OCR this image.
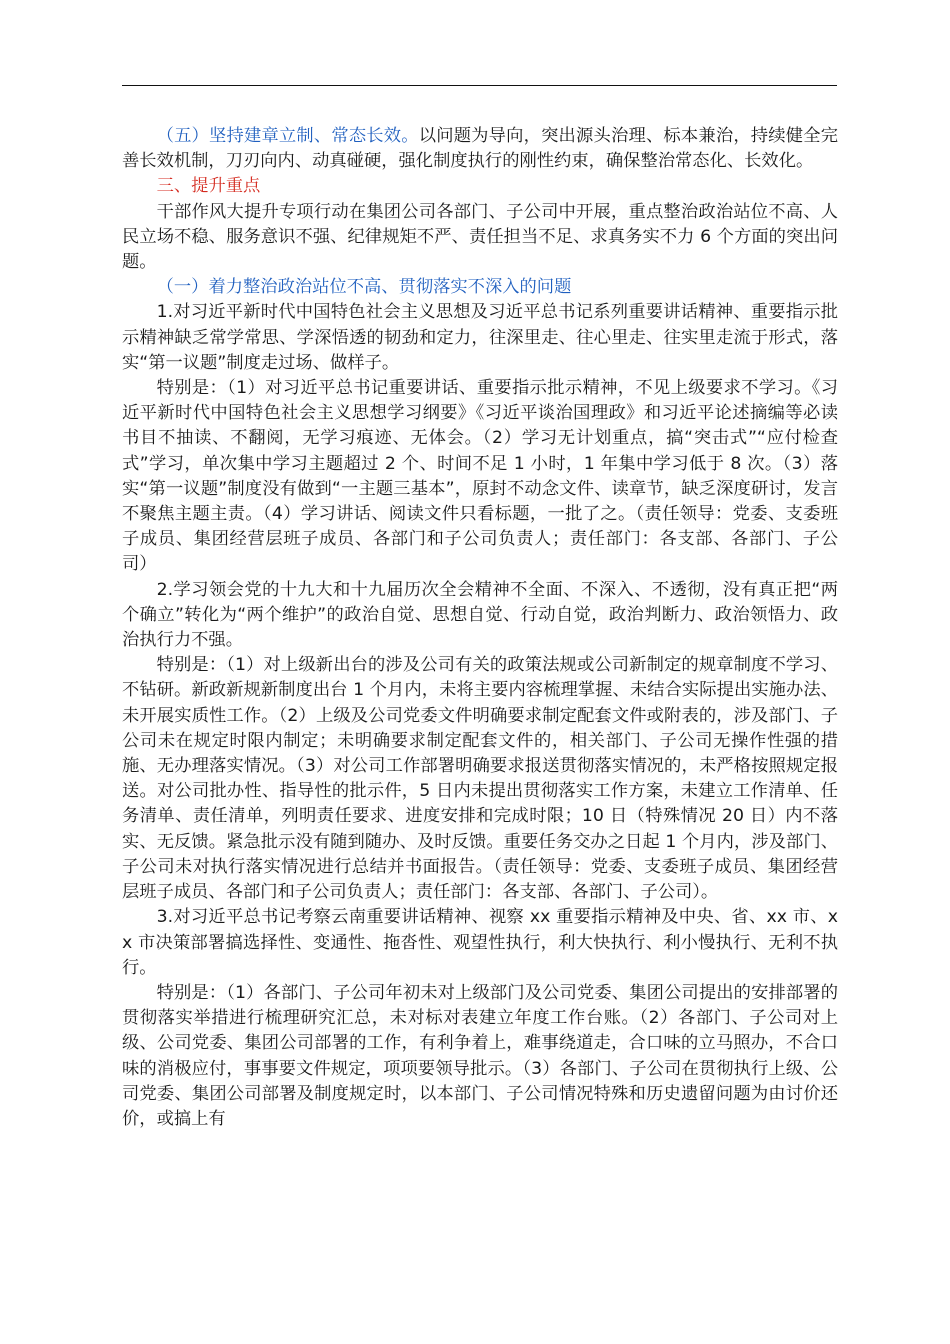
（五）坚持建章立制、常态长效。以问题为导向，突出源头治理、标本兼治，持续健全完善长效机制，刀刃向内、动真碰硬，强化制度执行的刚性约束，确保整治常态化、长效化。

三、提升重点

干部作风大提升专项行动在集团公司各部门、子公司中开展，重点整治政治站位不高、人民立场不稳、服务意识不强、纪律规矩不严、责任担当不足、求真务实不力 6 个方面的突出问题。

（一）着力整治政治站位不高、贯彻落实不深入的问题

1.对习近平新时代中国特色社会主义思想及习近平总书记系列重要讲话精神、重要指示批示精神缺乏常学常思、学深悟透的韧劲和定力，往深里走、往心里走、往实里走流于形式，落实“第一议题”制度走过场、做样子。

特别是：（1）对习近平总书记重要讲话、重要指示批示精神，不见上级要求不学习。《习近平新时代中国特色社会主义思想学习纲要》《习近平谈治国理政》和习近平论述摘编等必读书目不抽读、不翻阅，无学习痕迹、无体会。（2）学习无计划重点，搞“突击式”“应付检查式”学习，单次集中学习主题超过 2 个、时间不足 1 小时，1 年集中学习低于 8 次。（3）落实“第一议题”制度没有做到“一主题三基本”，原封不动念文件、读章节，缺乏深度研讨，发言不聚焦主题主责。（4）学习讲话、阅读文件只看标题，一批了之。（责任领导：党委、支委班子成员、集团经营层班子成员、各部门和子公司负责人；责任部门：各支部、各部门、子公司）

2.学习领会党的十九大和十九届历次全会精神不全面、不深入、不透彻，没有真正把“两个确立”转化为“两个维护”的政治自觉、思想自觉、行动自觉，政治判断力、政治领悟力、政治执行力不强。

特别是：（1）对上级新出台的涉及公司有关的政策法规或公司新制定的规章制度不学习、不钻研。新政新规新制度出台 1 个月内，未将主要内容梳理掌握、未结合实际提出实施办法、未开展实质性工作。（2）上级及公司党委文件明确要求制定配套文件或附表的，涉及部门、子公司未在规定时限内制定；未明确要求制定配套文件的，相关部门、子公司无操作性强的措施、无办理落实情况。（3）对公司工作部署明确要求报送贯彻落实情况的，未严格按照规定报送。对公司批办性、指导性的批示件，5 日内未提出贯彻落实工作方案，未建立工作清单、任务清单、责任清单，列明责任要求、进度安排和完成时限；10 日（特殊情况 20 日）内不落实、无反馈。紧急批示没有随到随办、及时反馈。重要任务交办之日起 1 个月内，涉及部门、子公司未对执行落实情况进行总结并书面报告。（责任领导：党委、支委班子成员、集团经营层班子成员、各部门和子公司负责人；责任部门：各支部、各部门、子公司）。

3.对习近平总书记考察云南重要讲话精神、视察 xx 重要指示精神及中央、省、xx 市、xx 市决策部署搞选择性、变通性、拖沓性、观望性执行，利大快执行、利小慢执行、无利不执行。

特别是：（1）各部门、子公司年初未对上级部门及公司党委、集团公司提出的安排部署的贯彻落实举措进行梳理研究汇总，未对标对表建立年度工作台账。（2）各部门、子公司对上级、公司党委、集团公司部署的工作，有利争着上，难事绕道走，合口味的立马照办，不合口味的消极应付，事事要文件规定，项项要领导批示。（3）各部门、子公司在贯彻执行上级、公司党委、集团公司部署及制度规定时，以本部门、子公司情况特殊和历史遗留问题为由讨价还价，或搞上有
